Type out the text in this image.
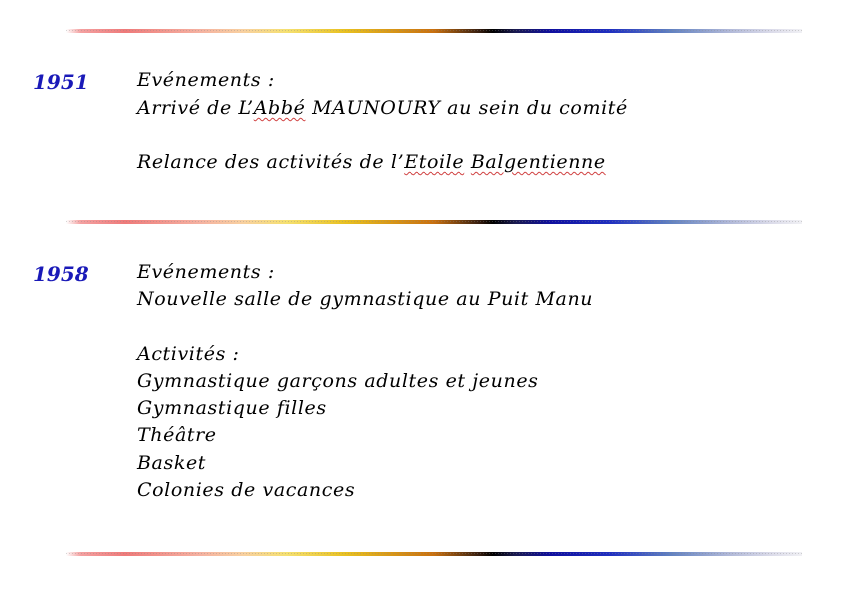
1951	Evénements :
Arrivé de L’Abbé MAUNOURY au sein du comité
Relance des activités de l’Etoile Balgentienne
1958	Evénements :
Nouvelle salle de gymnastique au Puit Manu
Activités :
Gymnastique garçons adultes et jeunes
Gymnastique filles
Théâtre
Basket
Colonies de vacances
